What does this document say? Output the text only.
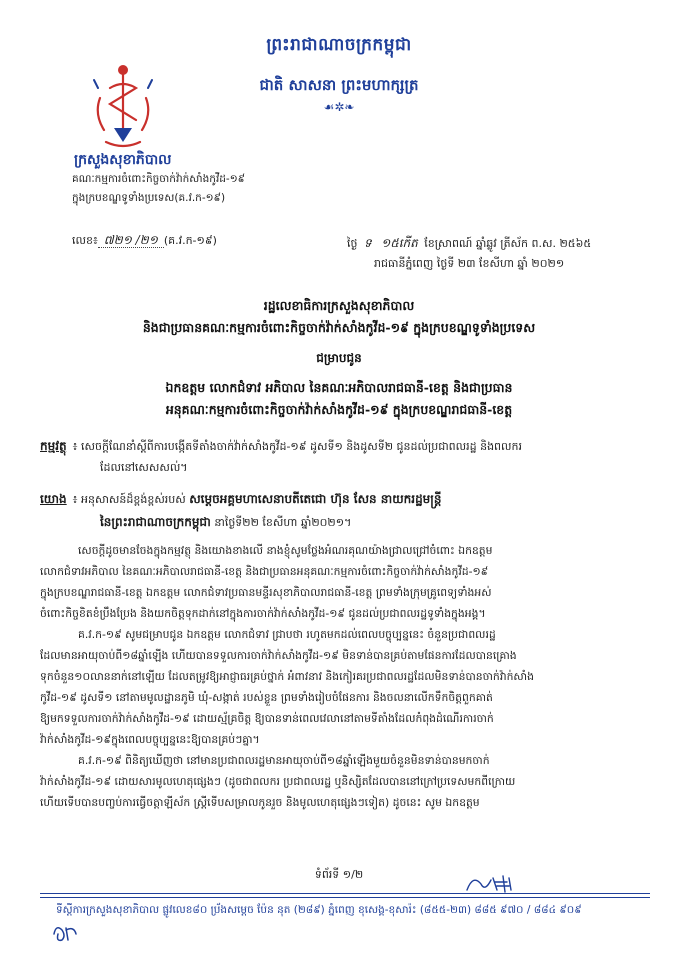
ព្រះរាជាណាចក្រកម្ពុជា
ជាតិ សាសនា ព្រះមហាក្សត្រ
☙✲❧
ក្រសួងសុខាភិបាល
គណៈកម្មការចំពោះកិច្ចចាក់វ៉ាក់សាំងកូវីដ-១៩
ក្នុងក្របខណ្ឌទូទាំងប្រទេស(គ.វ.ក-១៩)
លេខ៖ ៧២១ /២១ (គ.វ.ក-១៩)	ថ្ងៃ ទ ១៥កើត ខែស្រាពណ៍ ឆ្នាំឆ្លូវ ត្រីស័ក ព.ស. ២៥៦៥
រាជធានីភ្នំពេញ ថ្ងៃទី ២៣ ខែសីហា ឆ្នាំ ២០២១
រដ្ឋលេខាធិការក្រសួងសុខាភិបាល
និងជាប្រធានគណៈកម្មការចំពោះកិច្ចចាក់វ៉ាក់សាំងកូវីដ-១៩ ក្នុងក្របខណ្ឌទូទាំងប្រទេស
ជម្រាបជូន
ឯកឧត្តម លោកជំទាវ អភិបាល នៃគណៈអភិបាលរាជធានី-ខេត្ត និងជាប្រធាន
អនុគណៈកម្មការចំពោះកិច្ចចាក់វ៉ាក់សាំងកូវីដ-១៩ ក្នុងក្របខណ្ឌរាជធានី-ខេត្ត
កម្មវត្ថុ ៖ សេចក្តីណែនាំស្តីពីការបង្កើតទីតាំងចាក់វ៉ាក់សាំងកូវីដ-១៩ ដូសទី១ និងដូសទី២ ជូនដល់ប្រជាពលរដ្ឋ និងពលករ
ដែលនៅសេសសល់។
យោង ៖ អនុសាសន៍ដ៏ខ្ពង់ខ្ពស់របស់ សម្តេចអគ្គមហាសេនាបតីតេជោ ហ៊ុន សែន នាយករដ្ឋមន្ត្រី
នៃព្រះរាជាណាចក្រកម្ពុជា នាថ្ងៃទី២២ ខែសីហា ឆ្នាំ២០២១។
សេចក្តីដូចមានចែងក្នុងកម្មវត្ថុ និងយោងខាងលើ នាងខ្ញុំសូមថ្លែងអំណរគុណយ៉ាងជ្រាលជ្រៅចំពោះ ឯកឧត្តម
លោកជំទាវអភិបាល នៃគណៈអភិបាលរាជធានី-ខេត្ត និងជាប្រធានអនុគណៈកម្មការចំពោះកិច្ចចាក់វ៉ាក់សាំងកូវីដ-១៩
ក្នុងក្របខណ្ឌរាជធានី-ខេត្ត ឯកឧត្តម លោកជំទាវប្រធានមន្ទីរសុខាភិបាលរាជធានី-ខេត្ត ព្រមទាំងក្រុមគ្រូពេទ្យទាំងអស់
ចំពោះកិច្ចខិតខំប្រឹងប្រែង និងយកចិត្តទុកដាក់នៅក្នុងការចាក់វ៉ាក់សាំងកូវីដ-១៩ ជូនដល់ប្រជាពលរដ្ឋទូទាំងក្នុងអង្គ។
គ.វ.ក-១៩ សូមជម្រាបជូន ឯកឧត្តម លោកជំទាវ ជ្រាបថា រហូតមកដល់ពេលបច្ចុប្បន្ននេះ ចំនួនប្រជាពលរដ្ឋ
ដែលមានអាយុចាប់ពី១៨ឆ្នាំឡើង ហើយបានទទួលការចាក់វ៉ាក់សាំងកូវីដ-១៩ មិនទាន់បានគ្រប់តាមផែនការដែលបានគ្រោង
ទុកចំនួន១០លាននាក់នៅឡើយ ដែលតម្រូវឱ្យអាជ្ញាធរគ្រប់ថ្នាក់ អំពាវនាវ និងកៀរគរប្រជាពលរដ្ឋដែលមិនទាន់បានចាក់វ៉ាក់សាំង
កូវីដ-១៩ ដូសទី១ នៅតាមមូលដ្ឋានភូមិ ឃុំ-សង្កាត់ របស់ខ្លួន ព្រមទាំងរៀបចំផែនការ និងចលនាលើកទឹកចិត្តពួកគាត់
ឱ្យមកទទួលការចាក់វ៉ាក់សាំងកូវីដ-១៩ ដោយស្ម័គ្រចិត្ត ឱ្យបានទាន់ពេលវេលានៅតាមទីតាំងដែលកំពុងដំណើរការចាក់
វ៉ាក់សាំងកូវីដ-១៩ក្នុងពេលបច្ចុប្បន្ននេះឱ្យបានគ្រប់ៗគ្នា។
គ.វ.ក-១៩ ពិនិត្យឃើញថា នៅមានប្រជាពលរដ្ឋមានអាយុចាប់ពី១៨ឆ្នាំឡើងមួយចំនួនមិនទាន់បានមកចាក់
វ៉ាក់សាំងកូវីដ-១៩ ដោយសារមូលហេតុផ្សេងៗ (ដូចជាពលករ ប្រជាពលរដ្ឋ ឬនិស្សិតដែលបាននៅក្រៅប្រទេសមកពីក្រោយ
ហើយទើបបានបញ្ចប់ការធ្វើចត្តាឡីស័ក ស្ត្រីទើបសម្រាលកូនរួច និងមូលហេតុផ្សេងៗទៀត) ដូចនេះ សូម ឯកឧត្តម
ទំព័រទី ១/២
ទីស្តីការក្រសួងសុខាភិបាល ផ្លូវលេខ៨០ ប្រ័ងសម្តេច ប៉ែន នុត (២៨៩) ភ្នំពេញ ខុសេង្គ-ខុសារ៉ះ (៨៥៥-២៣) ៨៨៥ ៩៧០ / ៨៨៤ ៩០៩
